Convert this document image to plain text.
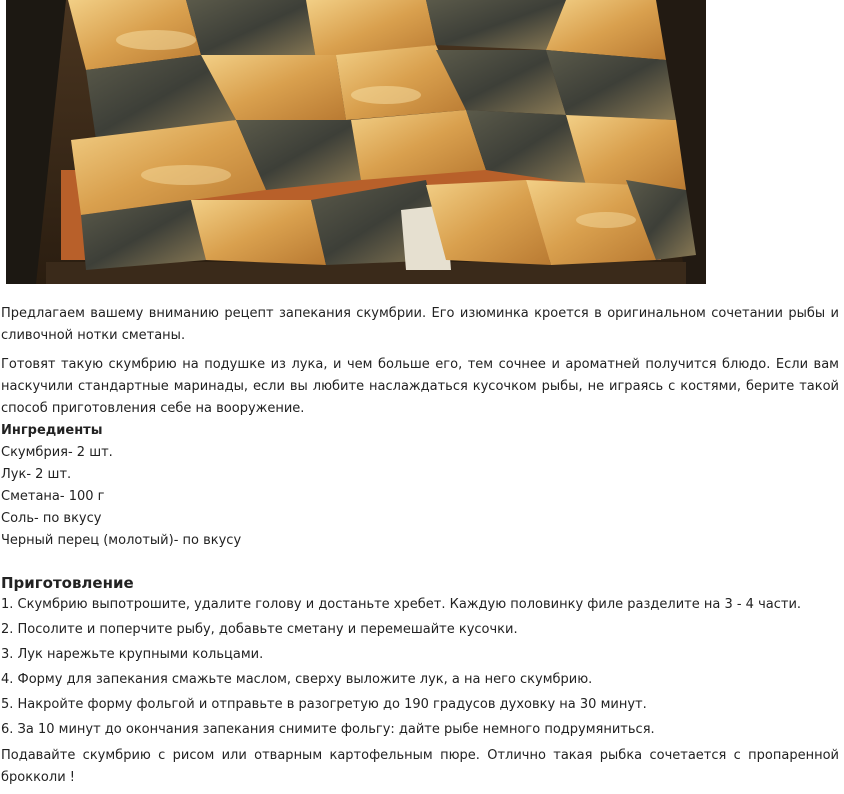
Предлагаем вашему вниманию рецепт запекания скумбрии. Его изюминка кроется в оригинальном сочетании рыбы и сливочной нотки сметаны.

Готовят такую скумбрию на подушке из лука, и чем больше его, тем сочнее и ароматней получится блюдо. Если вам наскучили стандартные маринады, если вы любите наслаждаться кусочком рыбы, не играясь с костями, берите такой способ приготовления себе на вооружение.

Ингредиенты

Скумбрия- 2 шт.

Лук- 2 шт.

Сметана- 100 г

Соль- по вкусу

Черный перец (молотый)- по вкусу

Приготовление

1. Скумбрию выпотрошите, удалите голову и достаньте хребет. Каждую половинку филе разделите на 3 - 4 части.

2. Посолите и поперчите рыбу, добавьте сметану и перемешайте кусочки.

3. Лук нарежьте крупными кольцами.

4. Форму для запекания смажьте маслом, сверху выложите лук, а на него скумбрию.

5. Накройте форму фольгой и отправьте в разогретую до 190 градусов духовку на 30 минут.

6. За 10 минут до окончания запекания снимите фольгу: дайте рыбе немного подрумяниться.

Подавайте скумбрию с рисом или отварным картофельным пюре. Отлично такая рыбка сочетается с пропаренной брокколи !
